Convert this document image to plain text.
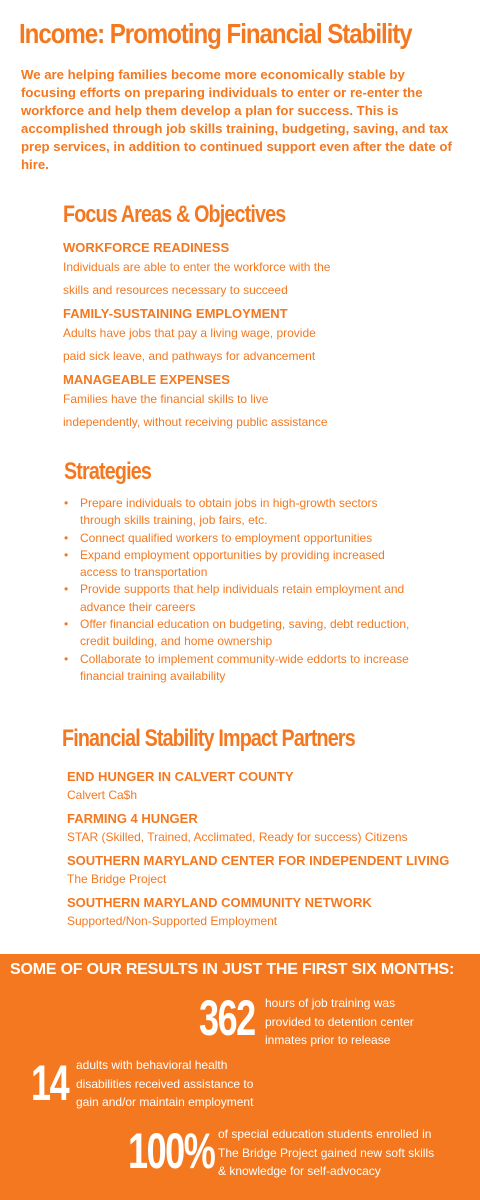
Income: Promoting Financial Stability

We are helping families become more economically stable by focusing efforts on preparing individuals to enter or re-enter the workforce and help them develop a plan for success. This is accomplished through job skills training, budgeting, saving, and tax prep services, in addition to continued support even after the date of hire.

Focus Areas & Objectives
WORKFORCE READINESS
Individuals are able to enter the workforce with the
skills and resources necessary to succeed
FAMILY-SUSTAINING EMPLOYMENT
Adults have jobs that pay a living wage, provide
paid sick leave, and pathways for advancement
MANAGEABLE EXPENSES
Families have the financial skills to live
independently, without receiving public assistance
Strategies
• Prepare individuals to obtain jobs in high-growth sectors through skills training, job fairs, etc.
• Connect qualified workers to employment opportunities
• Expand employment opportunities by providing increased access to transportation
• Provide supports that help individuals retain employment and advance their careers
• Offer financial education on budgeting, saving, debt reduction, credit building, and home ownership
• Collaborate to implement community-wide eddorts to increase financial training availability
Financial Stability Impact Partners
END HUNGER IN CALVERT COUNTY
Calvert Ca$h
FARMING 4 HUNGER
STAR (Skilled, Trained, Acclimated, Ready for success) Citizens
SOUTHERN MARYLAND CENTER FOR INDEPENDENT LIVING
The Bridge Project
SOUTHERN MARYLAND COMMUNITY NETWORK
Supported/Non-Supported Employment
SOME OF OUR RESULTS IN JUST THE FIRST SIX MONTHS:
362 hours of job training was
provided to detention center
inmates prior to release
14 adults with behavioral health
disabilities received assistance to
gain and/or maintain employment
100% of special education students enrolled in
The Bridge Project gained new soft skills
& knowledge for self-advocacy
